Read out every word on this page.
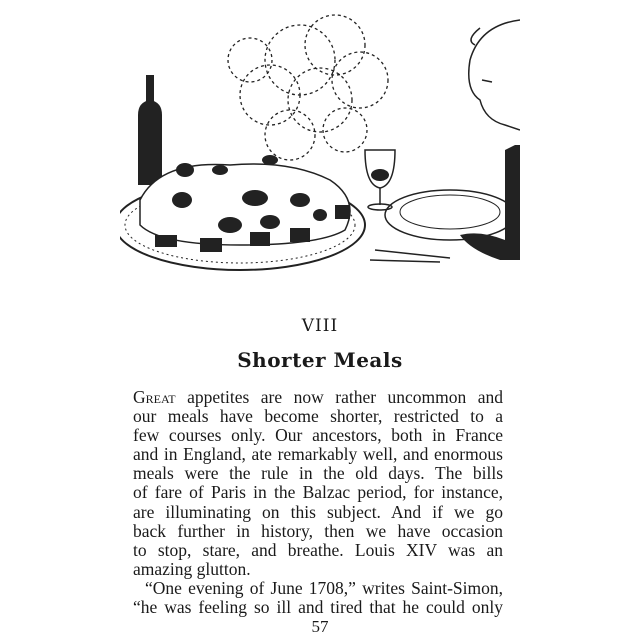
VIII
Shorter Meals
Great appetites are now rather uncommon and
our meals have become shorter, restricted to a
few courses only. Our ancestors, both in France
and in England, ate remarkably well, and enormous
meals were the rule in the old days. The bills
of fare of Paris in the Balzac period, for instance,
are illuminating on this subject. And if we go
back further in history, then we have occasion
to stop, stare, and breathe. Louis XIV was an
amazing glutton.
“One evening of June 1708,” writes Saint-Simon,
“he was feeling so ill and tired that he could only
57
